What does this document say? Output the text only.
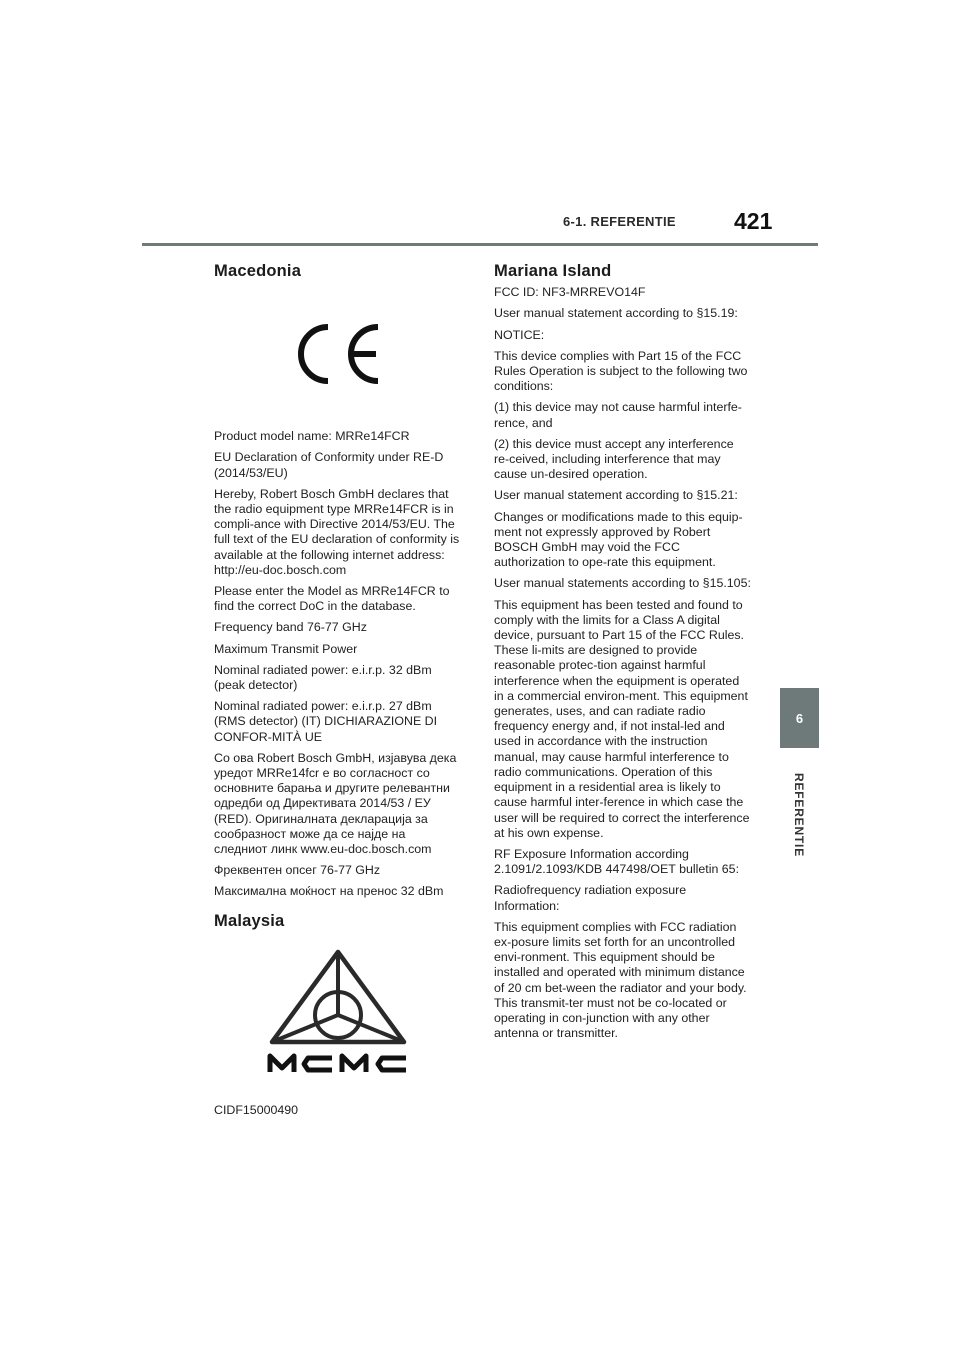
6-1. REFERENTIE	421
6
REFERENTIE
Macedonia

Product model name: MRRe14FCR

EU Declaration of Conformity under RE-D (2014/53/EU)

Hereby, Robert Bosch GmbH declares that the radio equipment type MRRe14FCR is in compli-ance with Directive 2014/53/EU. The full text of the EU declaration of conformity is available at the following internet address: http://eu-doc.bosch.com

Please enter the Model as MRRe14FCR to find the correct DoC in the database.

Frequency band 76-77 GHz

Maximum Transmit Power

Nominal radiated power: e.i.r.p. 32 dBm (peak detector)

Nominal radiated power: e.i.r.p. 27 dBm (RMS detector) (IT) DICHIARAZIONE DI CONFOR-MITÀ UE

Со ова Robert Bosch GmbH, изјавува дека уредот MRRe14fcr е во согласност со основните барања и другите релевантни одредби од Директивата 2014/53 / ЕУ (RED). Оригиналната декларација за сообразност може да се најде на следниот линк www.eu-doc.bosch.com

Фреквентен опсег 76-77 GHz

Максимална моќност на пренос 32 dBm

Malaysia

CIDF15000490

Mariana Island

FCC ID: NF3-MRREVO14F

User manual statement according to §15.19:

NOTICE:

This device complies with Part 15 of the FCC Rules Operation is subject to the following two conditions:

(1) this device may not cause harmful interfe-rence, and

(2) this device must accept any interference re-ceived, including interference that may cause un-desired operation.

User manual statement according to §15.21:

Changes or modifications made to this equip-ment not expressly approved by Robert BOSCH GmbH may void the FCC authorization to ope-rate this equipment.

User manual statements according to §15.105:

This equipment has been tested and found to comply with the limits for a Class A digital device, pursuant to Part 15 of the FCC Rules. These li-mits are designed to provide reasonable protec-tion against harmful interference when the equipment is operated in a commercial environ-ment. This equipment generates, uses, and can radiate radio frequency energy and, if not instal-led and used in accordance with the instruction manual, may cause harmful interference to radio communications. Operation of this equipment in a residential area is likely to cause harmful inter-ference in which case the user will be required to correct the interference at his own expense.

RF Exposure Information according 2.1091/2.1093/KDB 447498/OET bulletin 65:

Radiofrequency radiation exposure Information:

This equipment complies with FCC radiation ex-posure limits set forth for an uncontrolled envi-ronment. This equipment should be installed and operated with minimum distance of 20 cm bet-ween the radiator and your body. This transmit-ter must not be co-located or operating in con-junction with any other antenna or transmitter.
